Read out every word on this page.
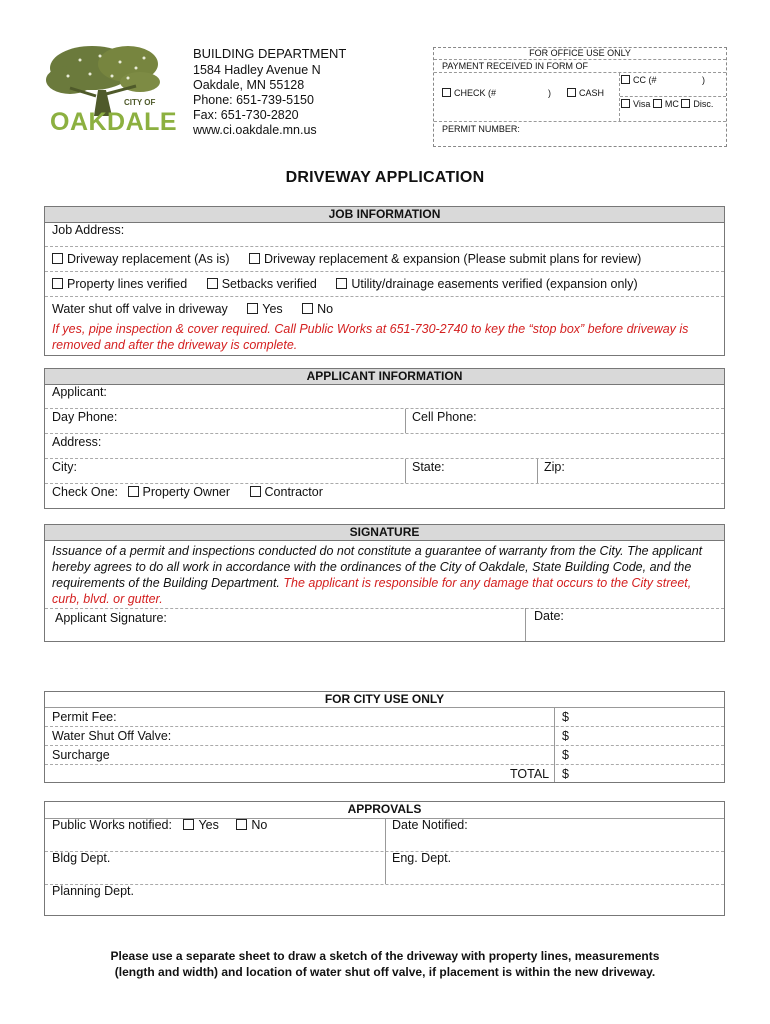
CITY OF
OAKDALE
BUILDING DEPARTMENT
1584 Hadley Avenue N
Oakdale, MN 55128
Phone: 651-739-5150
Fax: 651-730-2820
www.ci.oakdale.mn.us
FOR OFFICE USE ONLY
PAYMENT RECEIVED IN FORM OF
CHECK (#	)	CASH
CC (#	)
Visa MC Disc.
PERMIT NUMBER:
DRIVEWAY APPLICATION
JOB INFORMATION
Job Address:
Driveway replacement (As is)	Driveway replacement & expansion (Please submit plans for review)
Property lines verified	Setbacks verified	Utility/drainage easements verified (expansion only)
Water shut off valve in driveway	Yes	No
If yes, pipe inspection & cover required. Call Public Works at 651-730-2740 to key the “stop box” before driveway is removed and after the driveway is complete.
APPLICANT INFORMATION
Applicant:
Day Phone:	Cell Phone:
Address:
City:	State:	Zip:
Check One: Property Owner	Contractor
SIGNATURE
Issuance of a permit and inspections conducted do not constitute a guarantee of warranty from the City. The applicant hereby agrees to do all work in accordance with the ordinances of the City of Oakdale, State Building Code, and the requirements of the Building Department. The applicant is responsible for any damage that occurs to the City street, curb, blvd. or gutter.
Applicant Signature:	Date:
FOR CITY USE ONLY
Permit Fee:	$
Water Shut Off Valve:	$
Surcharge	$
TOTAL $
APPROVALS
Public Works notified: Yes	No	Date Notified:
Bldg Dept.	Eng. Dept.
Planning Dept.
Please use a separate sheet to draw a sketch of the driveway with property lines, measurements
(length and width) and location of water shut off valve, if placement is within the new driveway.
